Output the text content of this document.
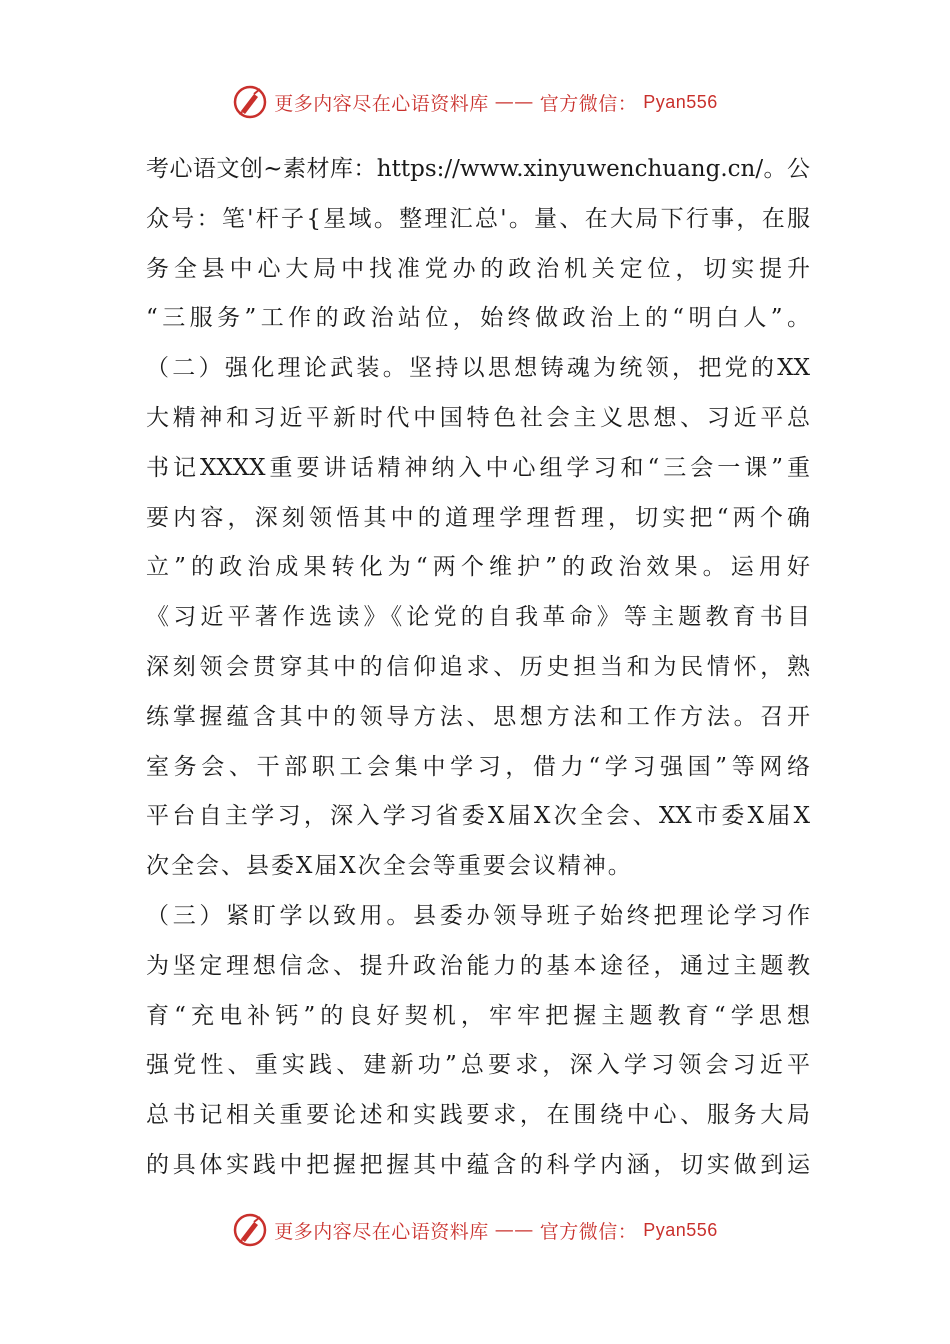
更多内容尽在心语资料库 —— 官方微信： Pyan556
考心语文创~素材库：https://www.xinyuwenchuang.cn/。公
众号：笔'杆子{星域。整理汇总'。量、在大局下行事，在服
务全县中心大局中找准党办的政治机关定位，切实提升
“三服务”工作的政治站位，始终做政治上的“明白人”。
（二）强化理论武装。坚持以思想铸魂为统领，把党的XX
大精神和习近平新时代中国特色社会主义思想、习近平总
书记XXXX重要讲话精神纳入中心组学习和“三会一课”重
要内容，深刻领悟其中的道理学理哲理，切实把“两个确
立”的政治成果转化为“两个维护”的政治效果。运用好
《习近平著作选读》《论党的自我革命》等主题教育书目
深刻领会贯穿其中的信仰追求、历史担当和为民情怀，熟
练掌握蕴含其中的领导方法、思想方法和工作方法。召开
室务会、干部职工会集中学习，借力“学习强国”等网络
平台自主学习，深入学习省委X届X次全会、XX市委X届X
次全会、县委X届X次全会等重要会议精神。
（三）紧盯学以致用。县委办领导班子始终把理论学习作
为坚定理想信念、提升政治能力的基本途径，通过主题教
育“充电补钙”的良好契机，牢牢把握主题教育“学思想
强党性、重实践、建新功”总要求，深入学习领会习近平
总书记相关重要论述和实践要求，在围绕中心、服务大局
的具体实践中把握把握其中蕴含的科学内涵，切实做到运
更多内容尽在心语资料库 —— 官方微信： Pyan556
